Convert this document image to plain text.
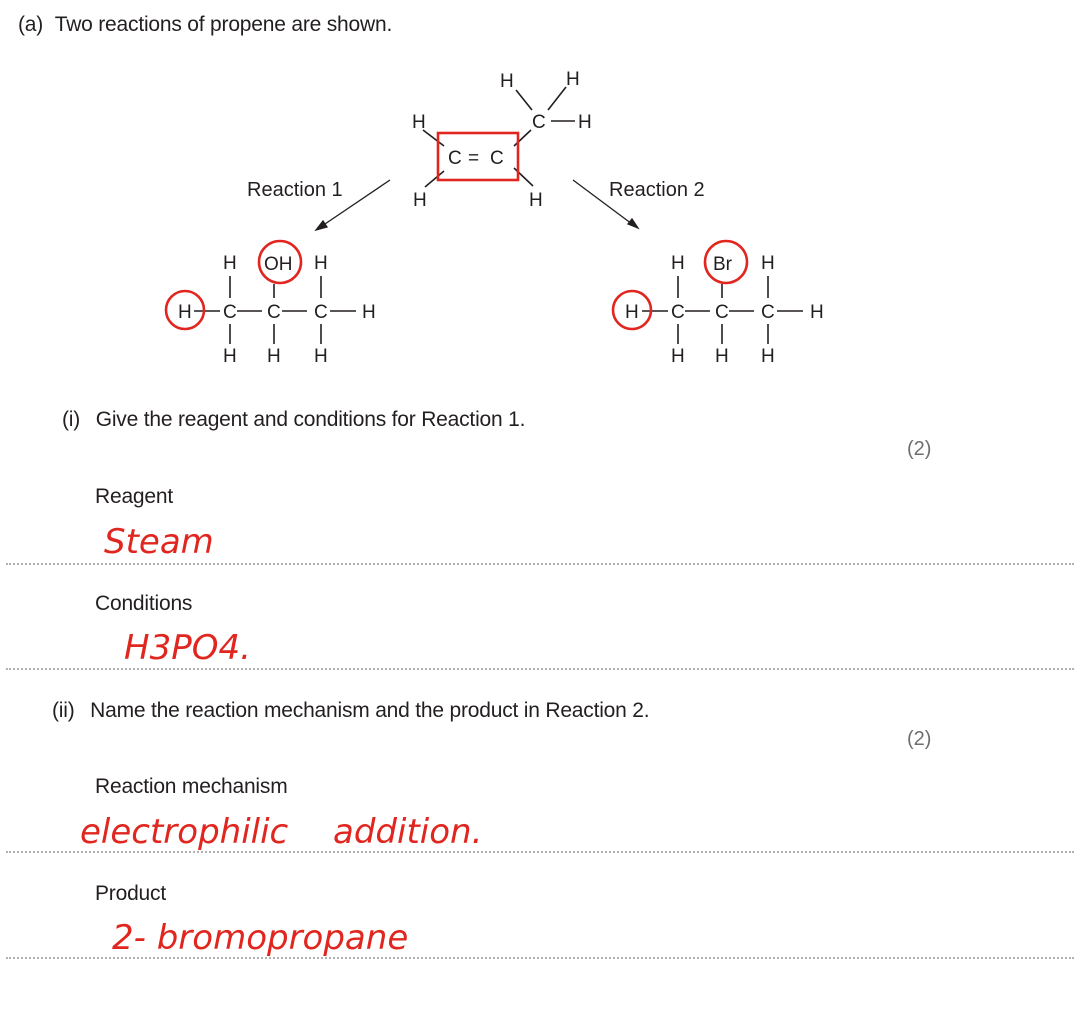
(a) Two reactions of propene are shown.
H	H
C H
H
C = C
H	H
Reaction 1	Reaction 2
H OH H
H C C C H
H H H
H Br H
H C C C H
H H H
(i) Give the reagent and conditions for Reaction 1.
(2)
Reagent
Steam
Conditions
H3PO4.
(ii) Name the reaction mechanism and the product in Reaction 2.
(2)
Reaction mechanism
electrophilic addition.
Product
2- bromopropane
